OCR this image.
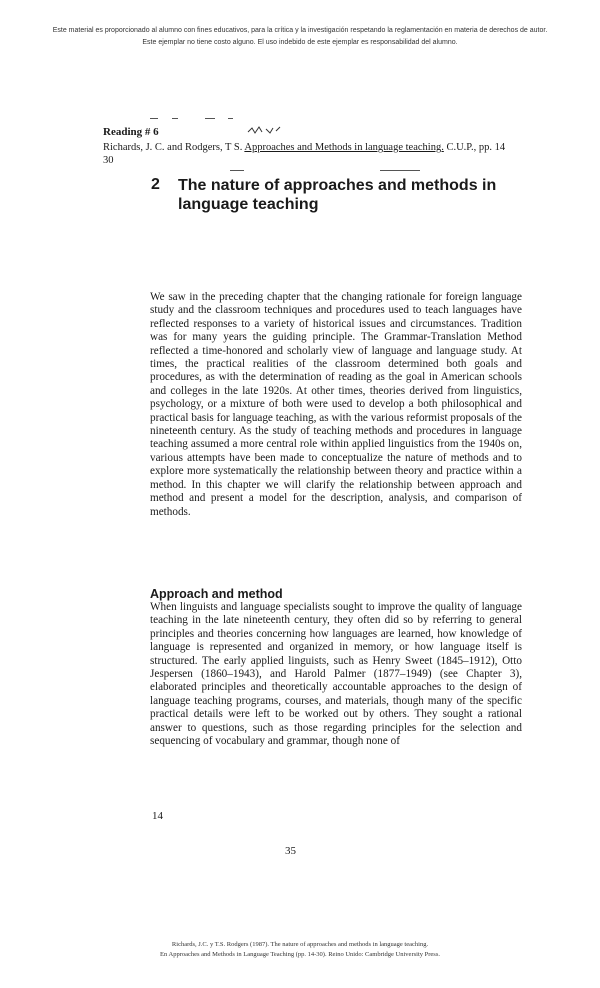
Este material es proporcionado al alumno con fines educativos, para la crítica y la investigación respetando la reglamentación en materia de derechos de autor.
Este ejemplar no tiene costo alguno. El uso indebido de este ejemplar es responsabilidad del alumno.
Reading # 6
Richards, J. C. and Rodgers, T S. Approaches and Methods in language teaching. C.U.P., pp. 14
30
2 The nature of approaches and methods in language teaching

We saw in the preceding chapter that the changing rationale for foreign language study and the classroom techniques and procedures used to teach languages have reflected responses to a variety of historical issues and circumstances. Tradition was for many years the guiding principle. The Grammar-Translation Method reflected a time-honored and scholarly view of language and language study. At times, the practical realities of the classroom determined both goals and procedures, as with the determination of reading as the goal in American schools and colleges in the late 1920s. At other times, theories derived from linguistics, psychology, or a mixture of both were used to develop a both philosophical and practical basis for language teaching, as with the various reformist proposals of the nineteenth century. As the study of teaching methods and procedures in language teaching assumed a more central role within applied linguistics from the 1940s on, various attempts have been made to conceptualize the nature of methods and to explore more systematically the relationship between theory and practice within a method. In this chapter we will clarify the relationship between approach and method and present a model for the description, analysis, and comparison of methods.

Approach and method

When linguists and language specialists sought to improve the quality of language teaching in the late nineteenth century, they often did so by referring to general principles and theories concerning how languages are learned, how knowledge of language is represented and organized in memory, or how language itself is structured. The early applied linguists, such as Henry Sweet (1845–1912), Otto Jespersen (1860–1943), and Harold Palmer (1877–1949) (see Chapter 3), elaborated principles and theoretically accountable approaches to the design of language teaching programs, courses, and materials, though many of the specific practical details were left to be worked out by others. They sought a rational answer to questions, such as those regarding principles for the selection and sequencing of vocabulary and grammar, though none of

14
35
Richards, J.C. y T.S. Rodgers (1987). The nature of approaches and methods in language teaching.
En Approaches and Methods in Language Teaching (pp. 14-30). Reino Unido: Cambridge University Press.
